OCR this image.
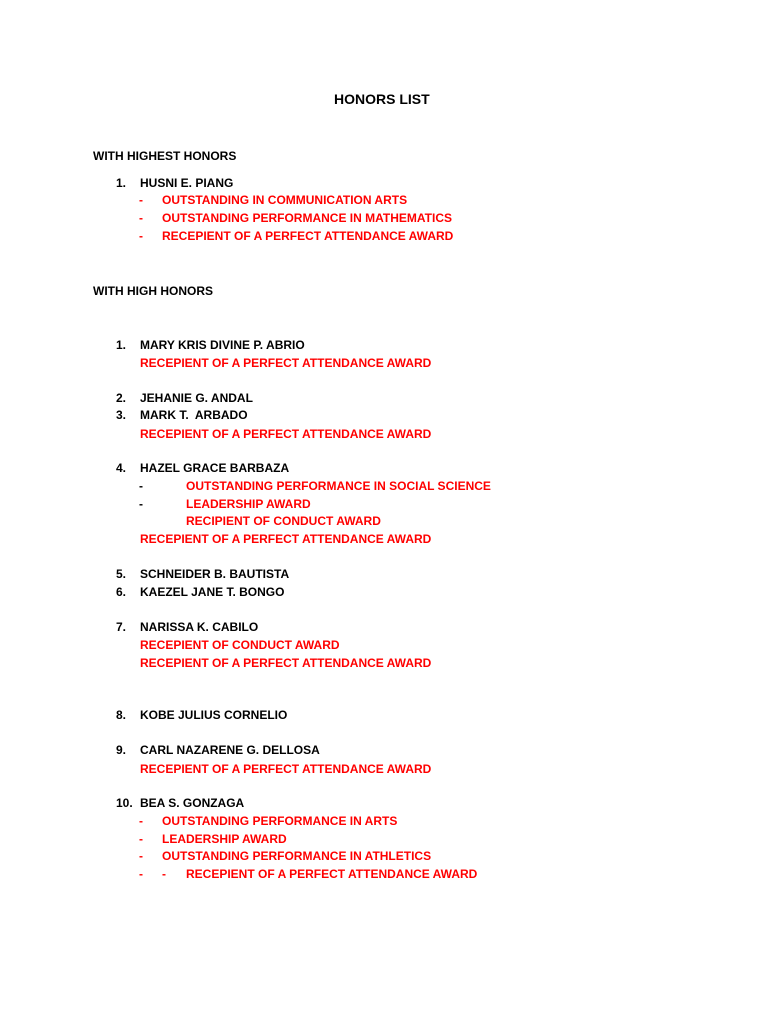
HONORS LIST
WITH HIGHEST HONORS
1. HUSNI E. PIANG
- OUTSTANDING IN COMMUNICATION ARTS
- OUTSTANDING PERFORMANCE IN MATHEMATICS
- RECEPIENT OF A PERFECT ATTENDANCE AWARD
WITH HIGH HONORS
1. MARY KRIS DIVINE P. ABRIO
RECEPIENT OF A PERFECT ATTENDANCE AWARD
2. JEHANIE G. ANDAL
3. MARK T.  ARBADO
RECEPIENT OF A PERFECT ATTENDANCE AWARD
4. HAZEL GRACE BARBAZA
-	OUTSTANDING PERFORMANCE IN SOCIAL SCIENCE
-	LEADERSHIP AWARD
RECIPIENT OF CONDUCT AWARD
RECEPIENT OF A PERFECT ATTENDANCE AWARD
5. SCHNEIDER B. BAUTISTA
6. KAEZEL JANE T. BONGO
7. NARISSA K. CABILO
RECEPIENT OF CONDUCT AWARD
RECEPIENT OF A PERFECT ATTENDANCE AWARD
8. KOBE JULIUS CORNELIO
9. CARL NAZARENE G. DELLOSA
RECEPIENT OF A PERFECT ATTENDANCE AWARD
10. BEA S. GONZAGA
- OUTSTANDING PERFORMANCE IN ARTS
- LEADERSHIP AWARD
- OUTSTANDING PERFORMANCE IN ATHLETICS
- - RECEPIENT OF A PERFECT ATTENDANCE AWARD
